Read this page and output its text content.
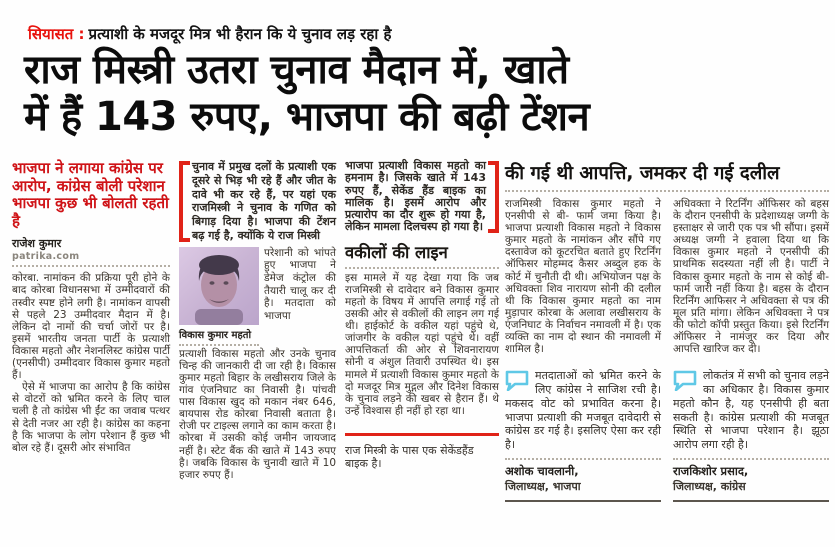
सियासत : प्रत्याशी के मजदूर मित्र भी हैरान कि ये चुनाव लड़ रहा है
राज मिस्त्री उतरा चुनाव मैदान में, खाते
में हैं 143 रुपए, भाजपा की बढ़ी टेंशन
भाजपा ने लगाया कांग्रेस पर आरोप, कांग्रेस बोली परेशान भाजपा कुछ भी बोलती रहती है
राजेश कुमार
patrika.com

कोरबा. नामांकन की प्रक्रिया पूरी होने के बाद कोरबा विधानसभा में उम्मीदवारों की तस्वीर स्पष्ट होने लगी है। नामांकन वापसी से पहले 23 उम्मीदवार मैदान में है। लेकिन दो नामों की चर्चा जोरों पर है। इसमें भारतीय जनता पार्टी के प्रत्याशी विकास महतो और नेशनलिस्ट कांग्रेस पार्टी (एनसीपी) उम्मीदवार विकास कुमार महतो हैं।

ऐसे में भाजपा का आरोप है कि कांग्रेस से वोटरों को भ्रमित करने के लिए चाल चली है तो कांग्रेस भी ईंट का जवाब पत्थर से देती नजर आ रही है। कांग्रेस का कहना है कि भाजपा के लोग परेशान हैं कुछ भी बोल रहे हैं। दूसरी ओर संभावित

चुनाव में प्रमुख दलों के प्रत्याशी एक दूसरे से भिड़ भी रहे हैं और जीत के दावे भी कर रहे हैं, पर यहां एक राजमिस्त्री ने चुनाव के गणित को बिगाड़ दिया है। भाजपा की टेंशन बढ़ गई है, क्योंकि ये राज मिस्त्री
विकास कुमार महतो
परेशानी को भांपते हुए भाजपा ने डेमेज कंट्रोल की तैयारी चालू कर दी है। मतदाता को भाजपा

प्रत्याशी विकास महतो और उनके चुनाव चिन्ह की जानकारी दी जा रही है। विकास कुमार महतो बिहार के लखीसराय जिले के गांव एंजनिघाट का निवासी है। पांचवी पास विकास खुद को मकान नंबर 646, बायपास रोड कोरबा निवासी बताता है। रोजी पर टाइल्स लगाने का काम करता है। कोरबा में उसकी कोई जमीन जायजाद नहीं है। स्टेट बैंक की खाते में 143 रुपए है। जबकि विकास के चुनावी खाते में 10 हजार रुपए हैं।

भाजपा प्रत्याशी विकास महतो का हमनाम है। जिसके खाते में 143 रुपए हैं, सेकेंड हैंड बाइक का मालिक है। इसमें आरोप और प्रत्यारोप का दौर शुरू हो गया है, लेकिन मामला दिलचस्प हो गया है।
वकीलों की लाइन

इस मामले में यह देखा गया कि जब राजमिस्त्री से दावेदार बने विकास कुमार महतो के विषय में आपत्ति लगाई गई तो उसकी ओर से वकीलों की लाइन लग गई थी। हाईकोर्ट के वकील यहां पहुंचे थे, जांजगीर के वकील यहां पहुंचे थे। वहीं आपत्तिकर्ता की ओर से शिवनारायण सोनी व अंशुल तिवारी उपस्थित थे। इस मामले में प्रत्याशी विकास कुमार महतो के दो मजदूर मित्र मुद्गल और दिनेश विकास के चुनाव लड़ने की खबर से हैरान हैं। थे उन्हें विश्वास ही नहीं हो रहा था।

राज मिस्त्री के पास एक सेकेंडहैंड बाइक है।
की गई थी आपत्ति, जमकर दी गई दलील

राजमिस्त्री विकास कुमार महतो ने एनसीपी से बी- फार्म जमा किया है। भाजपा प्रत्याशी विकास महतो ने विकास कुमार महतो के नामांकन और सौंपे गए दस्तावेज को कूटरचित बताते हुए रिटर्निंग ऑफिसर मोहम्मद कैसर अब्दुल हक के कोर्ट में चुनौती दी थी। अभियोजन पक्ष के अधिवक्ता शिव नारायण सोनी की दलील थी कि विकास कुमार महतो का नाम मुड़ापार कोरबा के अलावा लखीसराय के एंजनिघाट के निर्वाचन नमावली में है। एक व्यक्ति का नाम दो स्थान की नमावली में शामिल है।

मतदाताओं को भ्रमित करने के लिए कांग्रेस ने साजिश रची है। मकसद वोट को प्रभावित करना है। भाजपा प्रत्याशी की मजबूत दावेदारी से कांग्रेस डर गई है। इसलिए ऐसा कर रही है।
अशोक चावलानी,
जिलाध्यक्ष, भाजपा

अधिवक्ता ने रिटर्निंग ऑफिसर को बहस के दौरान एनसीपी के प्रदेशाध्यक्ष जग्गी के हस्ताक्षर से जारी एक पत्र भी सौंपा। इसमें अध्यक्ष जग्गी ने हवाला दिया था कि विकास कुमार महतो ने एनसीपी की प्राथमिक सदस्यता नहीं ली है। पार्टी ने विकास कुमार महतो के नाम से कोई बी-फार्म जारी नहीं किया है। बहस के दौरान रिटर्निंग आफिसर ने अधिवक्ता से पत्र की मूल प्रति मांगा। लेकिन अधिवक्ता ने पत्र की फोटो कॉपी प्रस्तुत किया। इसे रिटर्निंग ऑफिसर ने नामंजूर कर दिया और आपत्ति खारिज कर दी।

लोकतंत्र में सभी को चुनाव लड़ने का अधिकार है। विकास कुमार महतो कौन है, यह एनसीपी ही बता सकती है। कांग्रेस प्रत्याशी की मजबूत स्थिति से भाजपा परेशान है। झूठा आरोप लगा रही है।
राजकिशोर प्रसाद,
जिलाध्यक्ष, कांग्रेस
